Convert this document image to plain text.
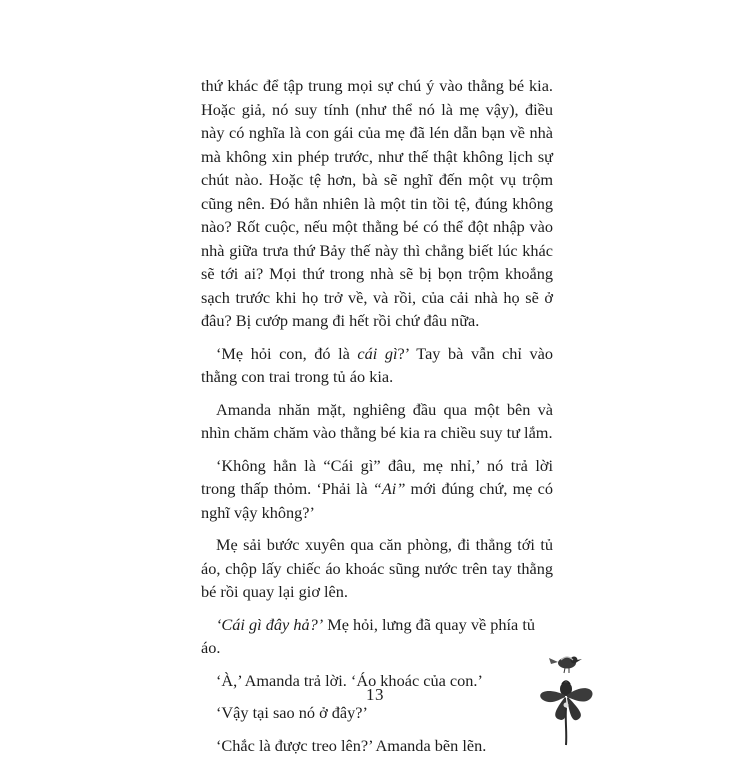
thứ khác để tập trung mọi sự chú ý vào thằng bé kia. Hoặc giả, nó suy tính (như thể nó là mẹ vậy), điều này có nghĩa là con gái của mẹ đã lén dẫn bạn về nhà mà không xin phép trước, như thế thật không lịch sự chút nào. Hoặc tệ hơn, bà sẽ nghĩ đến một vụ trộm cũng nên. Đó hẳn nhiên là một tin tồi tệ, đúng không nào? Rốt cuộc, nếu một thằng bé có thể đột nhập vào nhà giữa trưa thứ Bảy thế này thì chẳng biết lúc khác sẽ tới ai? Mọi thứ trong nhà sẽ bị bọn trộm khoắng sạch trước khi họ trở về, và rồi, của cải nhà họ sẽ ở đâu? Bị cướp mang đi hết rồi chứ đâu nữa.

‘Mẹ hỏi con, đó là cái gì?’ Tay bà vẫn chỉ vào thằng con trai trong tủ áo kia.

Amanda nhăn mặt, nghiêng đầu qua một bên và nhìn chăm chăm vào thằng bé kia ra chiều suy tư lắm.

‘Không hẳn là “Cái gì” đâu, mẹ nhỉ,’ nó trả lời trong thấp thỏm. ‘Phải là “Ai” mới đúng chứ, mẹ có nghĩ vậy không?’

Mẹ sải bước xuyên qua căn phòng, đi thẳng tới tủ áo, chộp lấy chiếc áo khoác sũng nước trên tay thằng bé rồi quay lại giơ lên.

‘Cái gì đây hả?’ Mẹ hỏi, lưng đã quay về phía tủ áo.

‘À,’ Amanda trả lời. ‘Áo khoác của con.’

‘Vậy tại sao nó ở đây?’

‘Chắc là được treo lên?’ Amanda bẽn lẽn.

13
